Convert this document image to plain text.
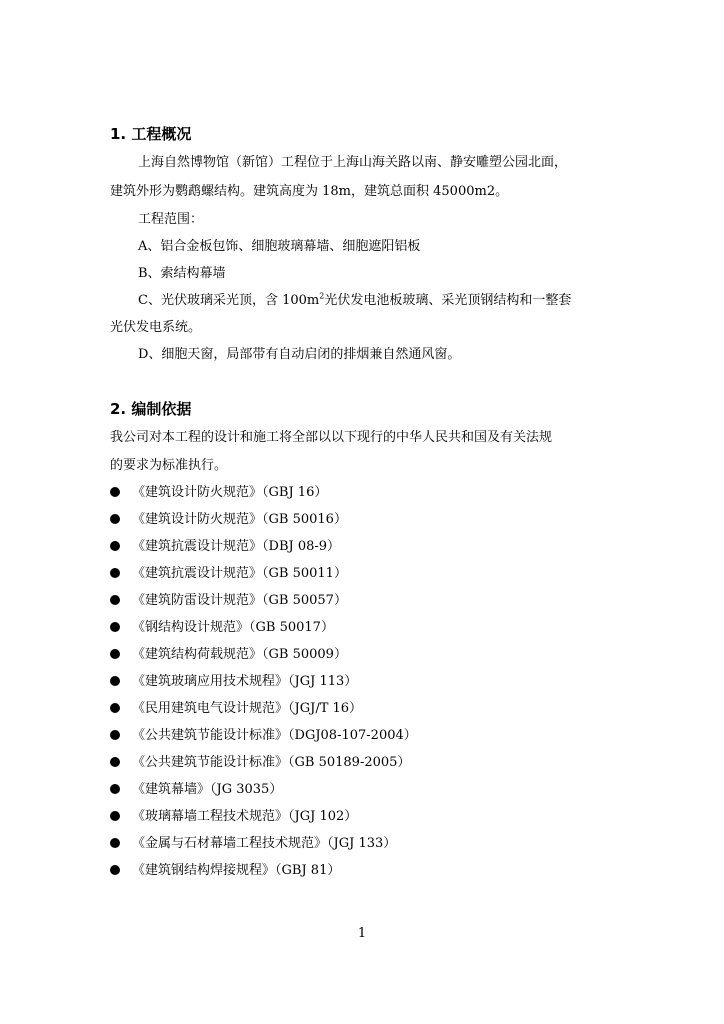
1. 工程概况
上海自然博物馆（新馆）工程位于上海山海关路以南、静安雕塑公园北面，
建筑外形为鹦鹉螺结构。建筑高度为 18m，建筑总面积 45000m2。
工程范围：
A、铝合金板包饰、细胞玻璃幕墙、细胞遮阳铝板
B、索结构幕墙
C、光伏玻璃采光顶，含 $100m^2$光伏发电池板玻璃、采光顶钢结构和一整套
光伏发电系统。
D、细胞天窗，局部带有自动启闭的排烟兼自然通风窗。
2. 编制依据
我公司对本工程的设计和施工将全部以以下现行的中华人民共和国及有关法规
的要求为标准执行。
《建筑设计防火规范》（GBJ 16）
《建筑设计防火规范》（GB 50016）
《建筑抗震设计规范》（DBJ 08-9）
《建筑抗震设计规范》（GB 50011）
《建筑防雷设计规范》（GB 50057）
《钢结构设计规范》（GB 50017）
《建筑结构荷载规范》（GB 50009）
《建筑玻璃应用技术规程》（JGJ 113）
《民用建筑电气设计规范》（JGJ/T 16）
《公共建筑节能设计标准》（DGJ08-107-2004）
《公共建筑节能设计标准》（GB 50189-2005）
《建筑幕墙》（JG 3035）
《玻璃幕墙工程技术规范》（JGJ 102）
《金属与石材幕墙工程技术规范》（JGJ 133）
《建筑钢结构焊接规程》（GBJ 81）
1
